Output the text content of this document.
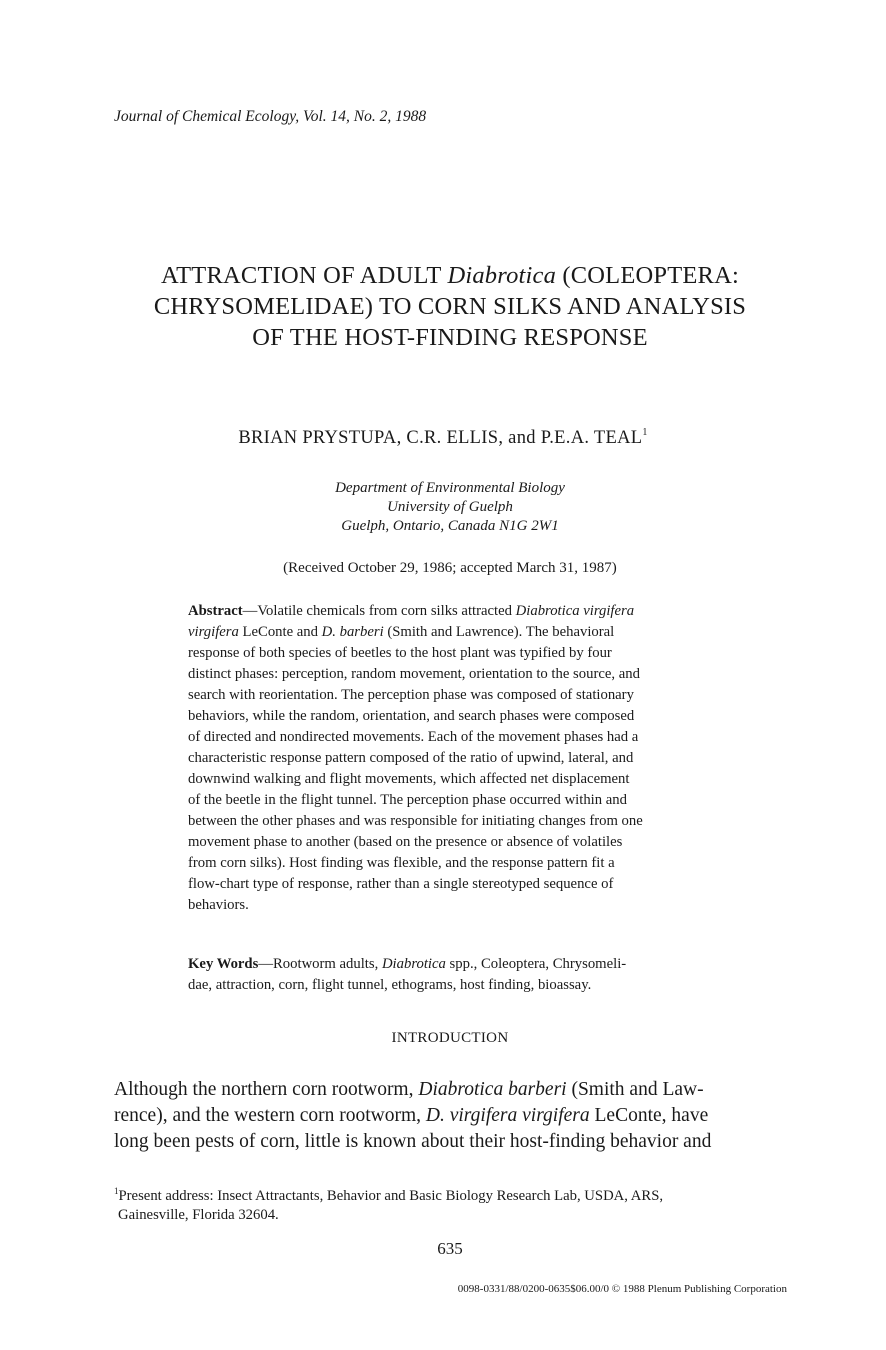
Journal of Chemical Ecology, Vol. 14, No. 2, 1988
ATTRACTION OF ADULT Diabrotica (COLEOPTERA:
CHRYSOMELIDAE) TO CORN SILKS AND ANALYSIS
OF THE HOST-FINDING RESPONSE
BRIAN PRYSTUPA, C.R. ELLIS, and P.E.A. TEAL$^1$
Department of Environmental Biology
University of Guelph
Guelph, Ontario, Canada N1G 2W1
(Received October 29, 1986; accepted March 31, 1987)
Abstract—Volatile chemicals from corn silks attracted Diabrotica virgifera
virgifera LeConte and D. barberi (Smith and Lawrence). The behavioral
response of both species of beetles to the host plant was typified by four
distinct phases: perception, random movement, orientation to the source, and
search with reorientation. The perception phase was composed of stationary
behaviors, while the random, orientation, and search phases were composed
of directed and nondirected movements. Each of the movement phases had a
characteristic response pattern composed of the ratio of upwind, lateral, and
downwind walking and flight movements, which affected net displacement
of the beetle in the flight tunnel. The perception phase occurred within and
between the other phases and was responsible for initiating changes from one
movement phase to another (based on the presence or absence of volatiles
from corn silks). Host finding was flexible, and the response pattern fit a
flow-chart type of response, rather than a single stereotyped sequence of
behaviors.
Key Words—Rootworm adults, Diabrotica spp., Coleoptera, Chrysomeli-
dae, attraction, corn, flight tunnel, ethograms, host finding, bioassay.
INTRODUCTION
Although the northern corn rootworm, Diabrotica barberi (Smith and Law-
rence), and the western corn rootworm, D. virgifera virgifera LeConte, have
long been pests of corn, little is known about their host-finding behavior and
$^1$Present address: Insect Attractants, Behavior and Basic Biology Research Lab, USDA, ARS,
Gainesville, Florida 32604.
635
0098-0331/88/0200-0635$06.00/0 © 1988 Plenum Publishing Corporation
